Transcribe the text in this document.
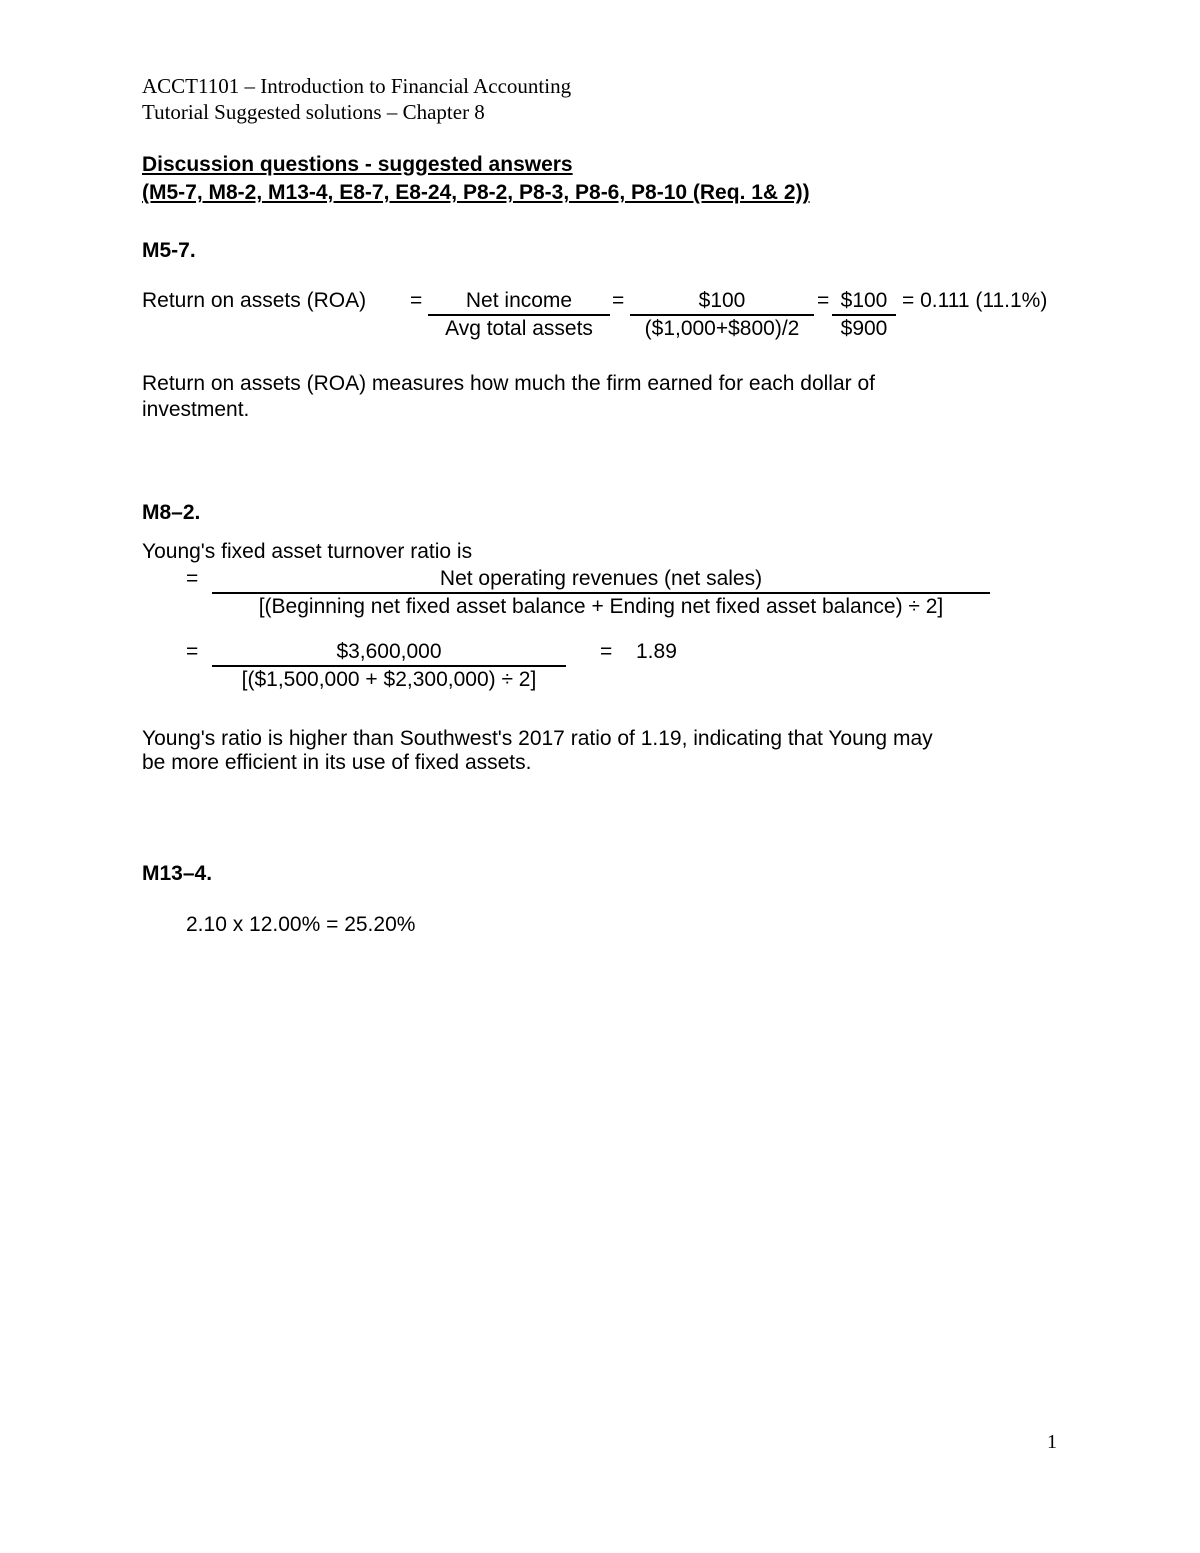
ACCT1101 – Introduction to Financial Accounting
Tutorial Suggested solutions – Chapter 8
Discussion questions - suggested answers
(M5-7, M8-2, M13-4, E8-7, E8-24, P8-2, P8-3, P8-6, P8-10 (Req. 1& 2))
M5-7.
Return on assets (ROA) =	Net income
Avg total assets
=	$100
($1,000+$800)/2
= $100
$900
= 0.111 (11.1%)
Return on assets (ROA) measures how much the firm earned for each dollar of
investment.
M8–2.
Young's fixed asset turnover ratio is
=	Net operating revenues (net sales)
[(Beginning net fixed asset balance + Ending net fixed asset balance) ÷ 2]
=	$3,600,000
[($1,500,000 + $2,300,000) ÷ 2]
= 1.89
Young's ratio is higher than Southwest's 2017 ratio of 1.19, indicating that Young may
be more efficient in its use of fixed assets.
M13–4.
2.10 x 12.00% = 25.20%
1
